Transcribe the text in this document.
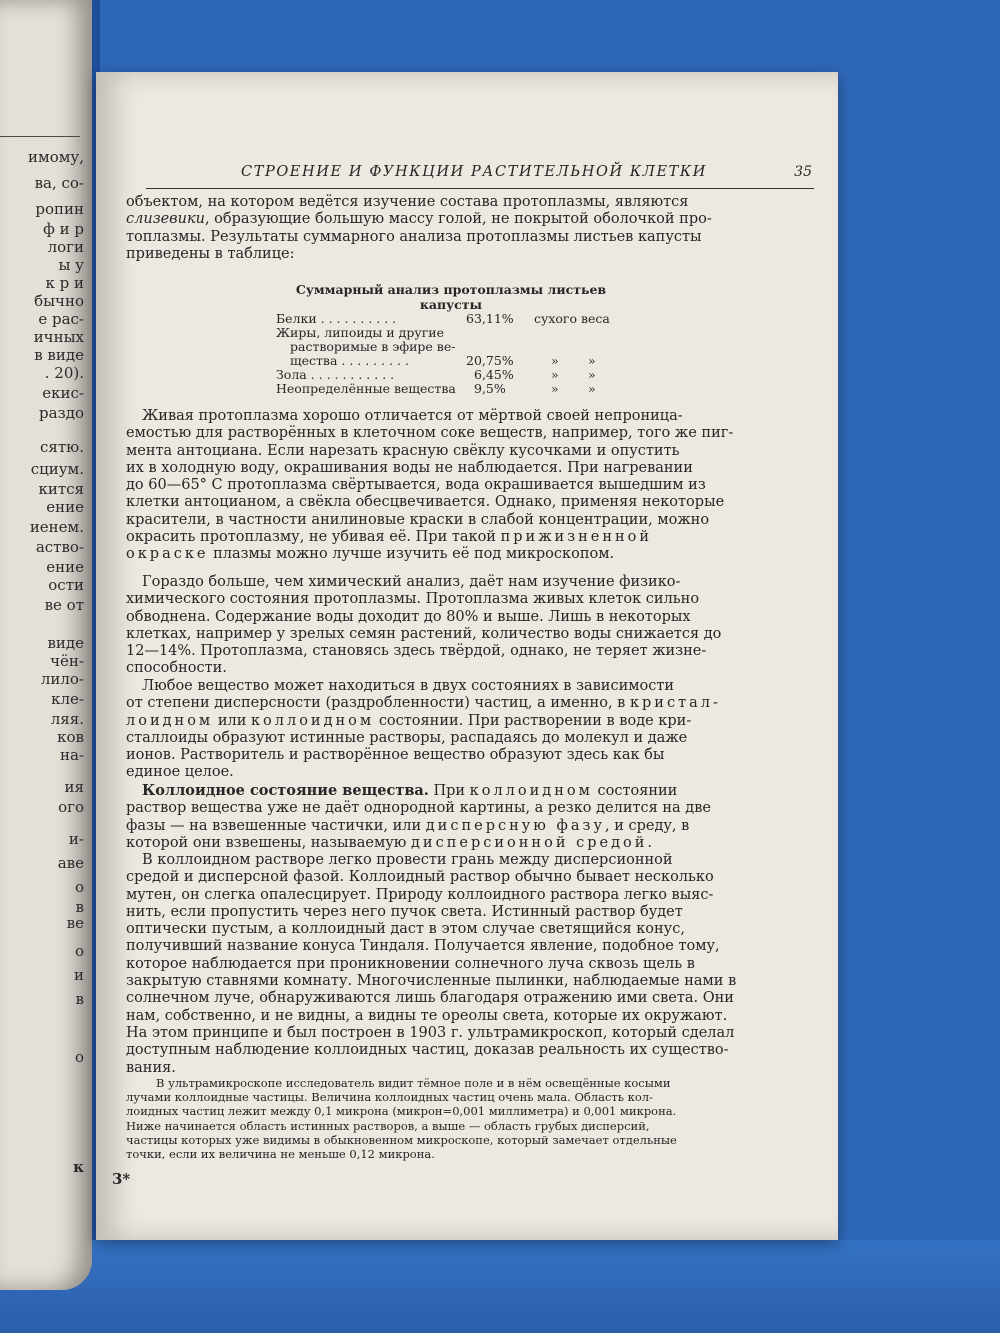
имому,
ва, со-
ропин
ф и р
логи
ы у
к р и
бычно
е рас-
ичных
в виде
. 20).
екис-
раздо
сятю.
сциум.
кится
ение
иенем.
аство-
ение
ости
ве от
виде
чён-
лило-
кле-
ляя.
ков
на-
ия
ого
и-
аве
о
в
ве
о
и
в
о
к
СТРОЕНИЕ И ФУНКЦИИ РАСТИТЕЛЬНОЙ КЛЕТКИ	35
объектом, на котором ведётся изучение состава протоплазмы, являются
слизевики, образующие большую массу голой, не покрытой оболочкой про-
топлазмы. Результаты суммарного анализа протоплазмы листьев капусты
приведены в таблице:
Суммарный анализ протоплазмы листьев
капусты
Белки . . . . . . . . . .	63,11% сухого веса
Жиры, липоиды и другие
растворимые в эфире ве-
щества . . . . . . . . .	20,75%	» »
Зола . . . . . . . . . . .	6,45%	» »
Неопределённые вещества 9,5%	» »
Живая протоплазма хорошо отличается от мёртвой своей непроница-
емостью для растворённых в клеточном соке веществ, например, того же пиг-
мента антоциана. Если нарезать красную свёклу кусочками и опустить
их в холодную воду, окрашивания воды не наблюдается. При нагревании
до 60—65° С протоплазма свёртывается, вода окрашивается вышедшим из
клетки антоцианом, а свёкла обесцвечивается. Однако, применяя некоторые
красители, в частности анилиновые краски в слабой концентрации, можно
окрасить протоплазму, не убивая её. При такой прижизненной
окраске плазмы можно лучше изучить её под микроскопом.
Гораздо больше, чем химический анализ, даёт нам изучение физико-
химического состояния протоплазмы. Протоплазма живых клеток сильно
обводнена. Содержание воды доходит до 80% и выше. Лишь в некоторых
клетках, например у зрелых семян растений, количество воды снижается до
12—14%. Протоплазма, становясь здесь твёрдой, однако, не теряет жизне-
способности.
Любое вещество может находиться в двух состояниях в зависимости
от степени дисперсности (раздробленности) частиц, а именно, в кристал-
лоидном или коллоидном состоянии. При растворении в воде кри-
сталлоиды образуют истинные растворы, распадаясь до молекул и даже
ионов. Растворитель и растворённое вещество образуют здесь как бы
единое целое.
Коллоидное состояние вещества. При коллоидном состоянии
раствор вещества уже не даёт однородной картины, а резко делится на две
фазы — на взвешенные частички, или дисперсную фазу, и среду, в
которой они взвешены, называемую дисперсионной средой.
В коллоидном растворе легко провести грань между дисперсионной
средой и дисперсной фазой. Коллоидный раствор обычно бывает несколько
мутен, он слегка опалесцирует. Природу коллоидного раствора легко выяс-
нить, если пропустить через него пучок света. Истинный раствор будет
оптически пустым, а коллоидный даст в этом случае светящийся конус,
получивший название конуса Тиндаля. Получается явление, подобное тому,
которое наблюдается при проникновении солнечного луча сквозь щель в
закрытую ставнями комнату. Многочисленные пылинки, наблюдаемые нами в
солнечном луче, обнаруживаются лишь благодаря отражению ими света. Они
нам, собственно, и не видны, а видны те ореолы света, которые их окружают.
На этом принципе и был построен в 1903 г. ультрамикроскоп, который сделал
доступным наблюдение коллоидных частиц, доказав реальность их существо-
вания.
В ультрамикроскопе исследователь видит тёмное поле и в нём освещённые косыми
лучами коллоидные частицы. Величина коллоидных частиц очень мала. Область кол-
лоидных частиц лежит между 0,1 микрона (микрон=0,001 миллиметра) и 0,001 микрона.
Ниже начинается область истинных растворов, а выше — область грубых дисперсий,
частицы которых уже видимы в обыкновенном микроскопе, который замечает отдельные
точки, если их величина не меньше 0,12 микрона.
3*
